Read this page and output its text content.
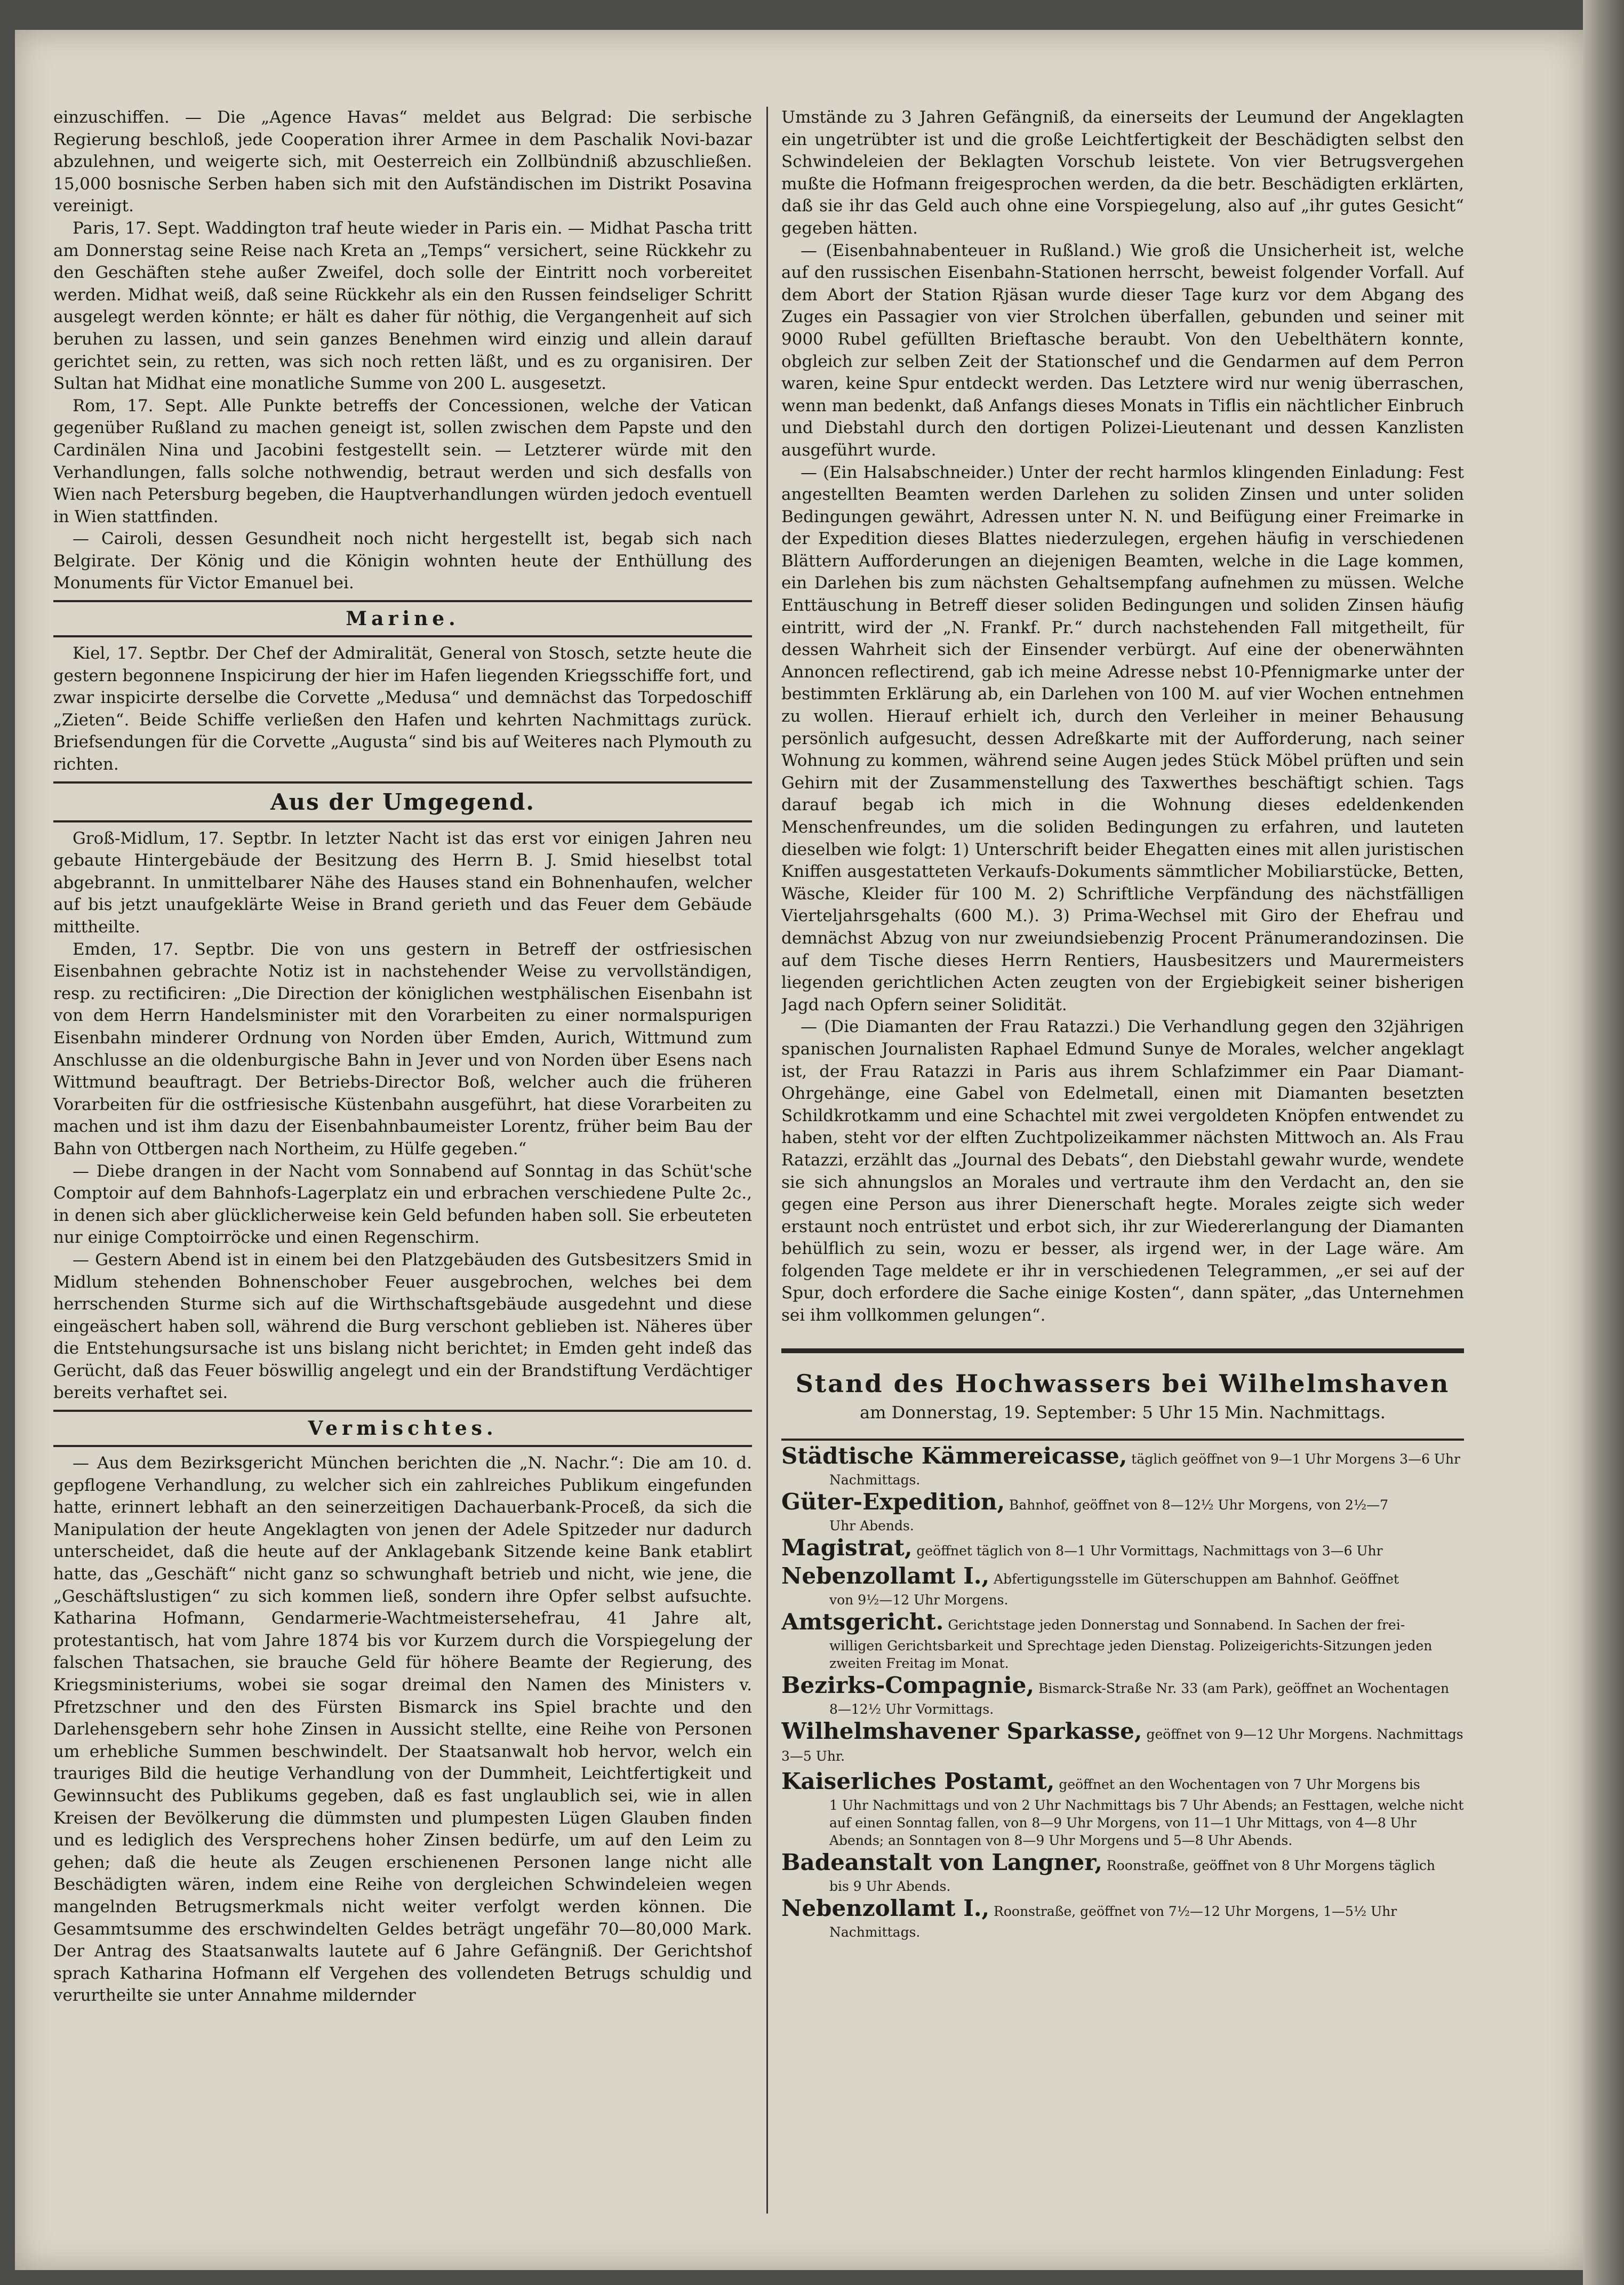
einzuschiffen. — Die „Agence Havas“ meldet aus Belgrad: Die serbische Regierung beschloß, jede Cooperation ihrer Armee in dem Paschalik Novi-bazar abzulehnen, und weigerte sich, mit Oesterreich ein Zollbündniß abzuschließen. 15,000 bosnische Serben haben sich mit den Aufständischen im Distrikt Posavina vereinigt.

Paris, 17. Sept. Waddington traf heute wieder in Paris ein. — Midhat Pascha tritt am Donnerstag seine Reise nach Kreta an „Temps“ versichert, seine Rückkehr zu den Geschäften stehe außer Zweifel, doch solle der Eintritt noch vorbereitet werden. Midhat weiß, daß seine Rückkehr als ein den Russen feindseliger Schritt ausgelegt werden könnte; er hält es daher für nöthig, die Vergangenheit auf sich beruhen zu lassen, und sein ganzes Benehmen wird einzig und allein darauf gerichtet sein, zu retten, was sich noch retten läßt, und es zu organisiren. Der Sultan hat Midhat eine monatliche Summe von 200 L. ausgesetzt.

Rom, 17. Sept. Alle Punkte betreffs der Concessionen, welche der Vatican gegenüber Rußland zu machen geneigt ist, sollen zwischen dem Papste und den Cardinälen Nina und Jacobini festgestellt sein. — Letzterer würde mit den Verhandlungen, falls solche nothwendig, betraut werden und sich desfalls von Wien nach Petersburg begeben, die Hauptverhandlungen würden jedoch eventuell in Wien stattfinden.

— Cairoli, dessen Gesundheit noch nicht hergestellt ist, begab sich nach Belgirate. Der König und die Königin wohnten heute der Enthüllung des Monuments für Victor Emanuel bei.

Marine.

Kiel, 17. Septbr. Der Chef der Admiralität, General von Stosch, setzte heute die gestern begonnene Inspicirung der hier im Hafen liegenden Kriegsschiffe fort, und zwar inspicirte derselbe die Corvette „Medusa“ und demnächst das Torpedoschiff „Zieten“. Beide Schiffe verließen den Hafen und kehrten Nachmittags zurück. Briefsendungen für die Corvette „Augusta“ sind bis auf Weiteres nach Plymouth zu richten.

Aus der Umgegend.

Groß-Midlum, 17. Septbr. In letzter Nacht ist das erst vor einigen Jahren neu gebaute Hintergebäude der Besitzung des Herrn B. J. Smid hieselbst total abgebrannt. In unmittelbarer Nähe des Hauses stand ein Bohnenhaufen, welcher auf bis jetzt unaufgeklärte Weise in Brand gerieth und das Feuer dem Gebäude mittheilte.

Emden, 17. Septbr. Die von uns gestern in Betreff der ostfriesischen Eisenbahnen gebrachte Notiz ist in nachstehender Weise zu vervollständigen, resp. zu rectificiren: „Die Direction der königlichen westphälischen Eisenbahn ist von dem Herrn Handelsminister mit den Vorarbeiten zu einer normalspurigen Eisenbahn minderer Ordnung von Norden über Emden, Aurich, Wittmund zum Anschlusse an die oldenburgische Bahn in Jever und von Norden über Esens nach Wittmund beauftragt. Der Betriebs-Director Boß, welcher auch die früheren Vorarbeiten für die ostfriesische Küstenbahn ausgeführt, hat diese Vorarbeiten zu machen und ist ihm dazu der Eisenbahnbaumeister Lorentz, früher beim Bau der Bahn von Ottbergen nach Northeim, zu Hülfe gegeben.“

— Diebe drangen in der Nacht vom Sonnabend auf Sonntag in das Schüt'sche Comptoir auf dem Bahnhofs-Lagerplatz ein und erbrachen verschiedene Pulte 2c., in denen sich aber glücklicherweise kein Geld befunden haben soll. Sie erbeuteten nur einige Comptoirröcke und einen Regenschirm.

— Gestern Abend ist in einem bei den Platzgebäuden des Gutsbesitzers Smid in Midlum stehenden Bohnenschober Feuer ausgebrochen, welches bei dem herrschenden Sturme sich auf die Wirthschaftsgebäude ausgedehnt und diese eingeäschert haben soll, während die Burg verschont geblieben ist. Näheres über die Entstehungsursache ist uns bislang nicht berichtet; in Emden geht indeß das Gerücht, daß das Feuer böswillig angelegt und ein der Brandstiftung Verdächtiger bereits verhaftet sei.

Vermischtes.

— Aus dem Bezirksgericht München berichten die „N. Nachr.“: Die am 10. d. gepflogene Verhandlung, zu welcher sich ein zahlreiches Publikum eingefunden hatte, erinnert lebhaft an den seinerzeitigen Dachauerbank-Proceß, da sich die Manipulation der heute Angeklagten von jenen der Adele Spitzeder nur dadurch unterscheidet, daß die heute auf der Anklagebank Sitzende keine Bank etablirt hatte, das „Geschäft“ nicht ganz so schwunghaft betrieb und nicht, wie jene, die „Geschäftslustigen“ zu sich kommen ließ, sondern ihre Opfer selbst aufsuchte. Katharina Hofmann, Gendarmerie-Wachtmeistersehefrau, 41 Jahre alt, protestantisch, hat vom Jahre 1874 bis vor Kurzem durch die Vorspiegelung der falschen Thatsachen, sie brauche Geld für höhere Beamte der Regierung, des Kriegsministeriums, wobei sie sogar dreimal den Namen des Ministers v. Pfretzschner und den des Fürsten Bismarck ins Spiel brachte und den Darlehensgebern sehr hohe Zinsen in Aussicht stellte, eine Reihe von Personen um erhebliche Summen beschwindelt. Der Staatsanwalt hob hervor, welch ein trauriges Bild die heutige Verhandlung von der Dummheit, Leichtfertigkeit und Gewinnsucht des Publikums gegeben, daß es fast unglaublich sei, wie in allen Kreisen der Bevölkerung die dümmsten und plumpesten Lügen Glauben finden und es lediglich des Versprechens hoher Zinsen bedürfe, um auf den Leim zu gehen; daß die heute als Zeugen erschienenen Personen lange nicht alle Beschädigten wären, indem eine Reihe von dergleichen Schwindeleien wegen mangelnden Betrugsmerkmals nicht weiter verfolgt werden können. Die Gesammtsumme des erschwindelten Geldes beträgt ungefähr 70—80,000 Mark. Der Antrag des Staatsanwalts lautete auf 6 Jahre Gefängniß. Der Gerichtshof sprach Katharina Hofmann elf Vergehen des vollendeten Betrugs schuldig und verurtheilte sie unter Annahme mildernder

Umstände zu 3 Jahren Gefängniß, da einerseits der Leumund der Angeklagten ein ungetrübter ist und die große Leichtfertigkeit der Beschädigten selbst den Schwindeleien der Beklagten Vorschub leistete. Von vier Betrugsvergehen mußte die Hofmann freigesprochen werden, da die betr. Beschädigten erklärten, daß sie ihr das Geld auch ohne eine Vorspiegelung, also auf „ihr gutes Gesicht“ gegeben hätten.

— (Eisenbahnabenteuer in Rußland.) Wie groß die Unsicherheit ist, welche auf den russischen Eisenbahn-Stationen herrscht, beweist folgender Vorfall. Auf dem Abort der Station Rjäsan wurde dieser Tage kurz vor dem Abgang des Zuges ein Passagier von vier Strolchen überfallen, gebunden und seiner mit 9000 Rubel gefüllten Brieftasche beraubt. Von den Uebelthätern konnte, obgleich zur selben Zeit der Stationschef und die Gendarmen auf dem Perron waren, keine Spur entdeckt werden. Das Letztere wird nur wenig überraschen, wenn man bedenkt, daß Anfangs dieses Monats in Tiflis ein nächtlicher Einbruch und Diebstahl durch den dortigen Polizei-Lieutenant und dessen Kanzlisten ausgeführt wurde.

— (Ein Halsabschneider.) Unter der recht harmlos klingenden Einladung: Fest angestellten Beamten werden Darlehen zu soliden Zinsen und unter soliden Bedingungen gewährt, Adressen unter N. N. und Beifügung einer Freimarke in der Expedition dieses Blattes niederzulegen, ergehen häufig in verschiedenen Blättern Aufforderungen an diejenigen Beamten, welche in die Lage kommen, ein Darlehen bis zum nächsten Gehaltsempfang aufnehmen zu müssen. Welche Enttäuschung in Betreff dieser soliden Bedingungen und soliden Zinsen häufig eintritt, wird der „N. Frankf. Pr.“ durch nachstehenden Fall mitgetheilt, für dessen Wahrheit sich der Einsender verbürgt. Auf eine der obenerwähnten Annoncen reflectirend, gab ich meine Adresse nebst 10-Pfennigmarke unter der bestimmten Erklärung ab, ein Darlehen von 100 M. auf vier Wochen entnehmen zu wollen. Hierauf erhielt ich, durch den Verleiher in meiner Behausung persönlich aufgesucht, dessen Adreßkarte mit der Aufforderung, nach seiner Wohnung zu kommen, während seine Augen jedes Stück Möbel prüften und sein Gehirn mit der Zusammenstellung des Taxwerthes beschäftigt schien. Tags darauf begab ich mich in die Wohnung dieses edeldenkenden Menschenfreundes, um die soliden Bedingungen zu erfahren, und lauteten dieselben wie folgt: 1) Unterschrift beider Ehegatten eines mit allen juristischen Kniffen ausgestatteten Verkaufs-Dokuments sämmtlicher Mobiliarstücke, Betten, Wäsche, Kleider für 100 M. 2) Schriftliche Verpfändung des nächstfälligen Vierteljahrsgehalts (600 M.). 3) Prima-Wechsel mit Giro der Ehefrau und demnächst Abzug von nur zweiundsiebenzig Procent Pränumerandozinsen. Die auf dem Tische dieses Herrn Rentiers, Hausbesitzers und Maurermeisters liegenden gerichtlichen Acten zeugten von der Ergiebigkeit seiner bisherigen Jagd nach Opfern seiner Solidität.

— (Die Diamanten der Frau Ratazzi.) Die Verhandlung gegen den 32jährigen spanischen Journalisten Raphael Edmund Sunye de Morales, welcher angeklagt ist, der Frau Ratazzi in Paris aus ihrem Schlafzimmer ein Paar Diamant-Ohrgehänge, eine Gabel von Edelmetall, einen mit Diamanten besetzten Schildkrotkamm und eine Schachtel mit zwei vergoldeten Knöpfen entwendet zu haben, steht vor der elften Zuchtpolizeikammer nächsten Mittwoch an. Als Frau Ratazzi, erzählt das „Journal des Debats“, den Diebstahl gewahr wurde, wendete sie sich ahnungslos an Morales und vertraute ihm den Verdacht an, den sie gegen eine Person aus ihrer Dienerschaft hegte. Morales zeigte sich weder erstaunt noch entrüstet und erbot sich, ihr zur Wiedererlangung der Diamanten behülflich zu sein, wozu er besser, als irgend wer, in der Lage wäre. Am folgenden Tage meldete er ihr in verschiedenen Telegrammen, „er sei auf der Spur, doch erfordere die Sache einige Kosten“, dann später, „das Unternehmen sei ihm vollkommen gelungen“.

Stand des Hochwassers bei Wilhelmshaven
am Donnerstag, 19. September: 5 Uhr 15 Min. Nachmittags.
Städtische Kämmereicasse, täglich geöffnet von 9—1 Uhr Morgens 3—6 Uhr
Nachmittags.
Güter-Expedition, Bahnhof, geöffnet von 8—12½ Uhr Morgens, von 2½—7
Uhr Abends.
Magistrat, geöffnet täglich von 8—1 Uhr Vormittags, Nachmittags von 3—6 Uhr
Nebenzollamt I., Abfertigungsstelle im Güterschuppen am Bahnhof. Geöffnet
von 9½—12 Uhr Morgens.
Amtsgericht. Gerichtstage jeden Donnerstag und Sonnabend. In Sachen der frei-
willigen Gerichtsbarkeit und Sprechtage jeden Dienstag. Polizeigerichts-Sitzungen jeden zweiten Freitag im Monat.
Bezirks-Compagnie, Bismarck-Straße Nr. 33 (am Park), geöffnet an Wochentagen
8—12½ Uhr Vormittags.
Wilhelmshavener Sparkasse, geöffnet von 9—12 Uhr Morgens. Nachmittags 3—5 Uhr.
Kaiserliches Postamt, geöffnet an den Wochentagen von 7 Uhr Morgens bis
1 Uhr Nachmittags und von 2 Uhr Nachmittags bis 7 Uhr Abends; an Festtagen, welche nicht auf einen Sonntag fallen, von 8—9 Uhr Morgens, von 11—1 Uhr Mittags, von 4—8 Uhr Abends; an Sonntagen von 8—9 Uhr Morgens und 5—8 Uhr Abends.
Badeanstalt von Langner, Roonstraße, geöffnet von 8 Uhr Morgens täglich
bis 9 Uhr Abends.
Nebenzollamt I., Roonstraße, geöffnet von 7½—12 Uhr Morgens, 1—5½ Uhr
Nachmittags.
